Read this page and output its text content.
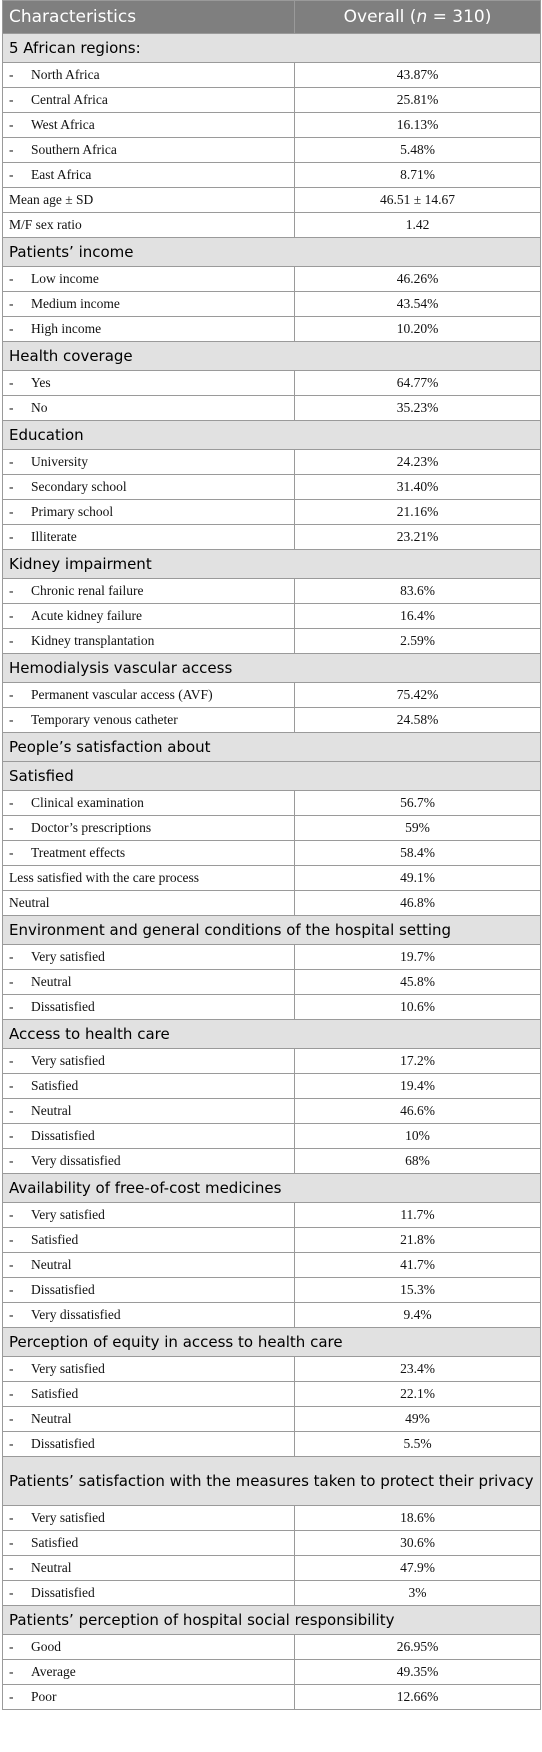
Characteristics	Overall (n = 310)
5 African regions:	
- North Africa	43.87%
- Central Africa	25.81%
- West Africa	16.13%
- Southern Africa	5.48%
- East Africa	8.71%
Mean age ± SD	46.51 ± 14.67
M/F sex ratio	1.42
Patients’ income	
- Low income	46.26%
- Medium income	43.54%
- High income	10.20%
Health coverage	
- Yes	64.77%
- No	35.23%
Education	
- University	24.23%
- Secondary school	31.40%
- Primary school	21.16%
- Illiterate	23.21%
Kidney impairment	
- Chronic renal failure	83.6%
- Acute kidney failure	16.4%
- Kidney transplantation	2.59%
Hemodialysis vascular access	
- Permanent vascular access (AVF)	75.42%
- Temporary venous catheter	24.58%
People’s satisfaction about	
Satisfied	
- Clinical examination	56.7%
- Doctor’s prescriptions	59%
- Treatment effects	58.4%
Less satisfied with the care process	49.1%
Neutral	46.8%
Environment and general conditions of the hospital setting	
- Very satisfied	19.7%
- Neutral	45.8%
- Dissatisfied	10.6%
Access to health care	
- Very satisfied	17.2%
- Satisfied	19.4%
- Neutral	46.6%
- Dissatisfied	10%
- Very dissatisfied	68%
Availability of free-of-cost medicines	
- Very satisfied	11.7%
- Satisfied	21.8%
- Neutral	41.7%
- Dissatisfied	15.3%
- Very dissatisfied	9.4%
Perception of equity in access to health care	
- Very satisfied	23.4%
- Satisfied	22.1%
- Neutral	49%
- Dissatisfied	5.5%
Patients’ satisfaction with the measures taken to protect their privacy	
- Very satisfied	18.6%
- Satisfied	30.6%
- Neutral	47.9%
- Dissatisfied	3%
Patients’ perception of hospital social responsibility	
- Good	26.95%
- Average	49.35%
- Poor	12.66%
